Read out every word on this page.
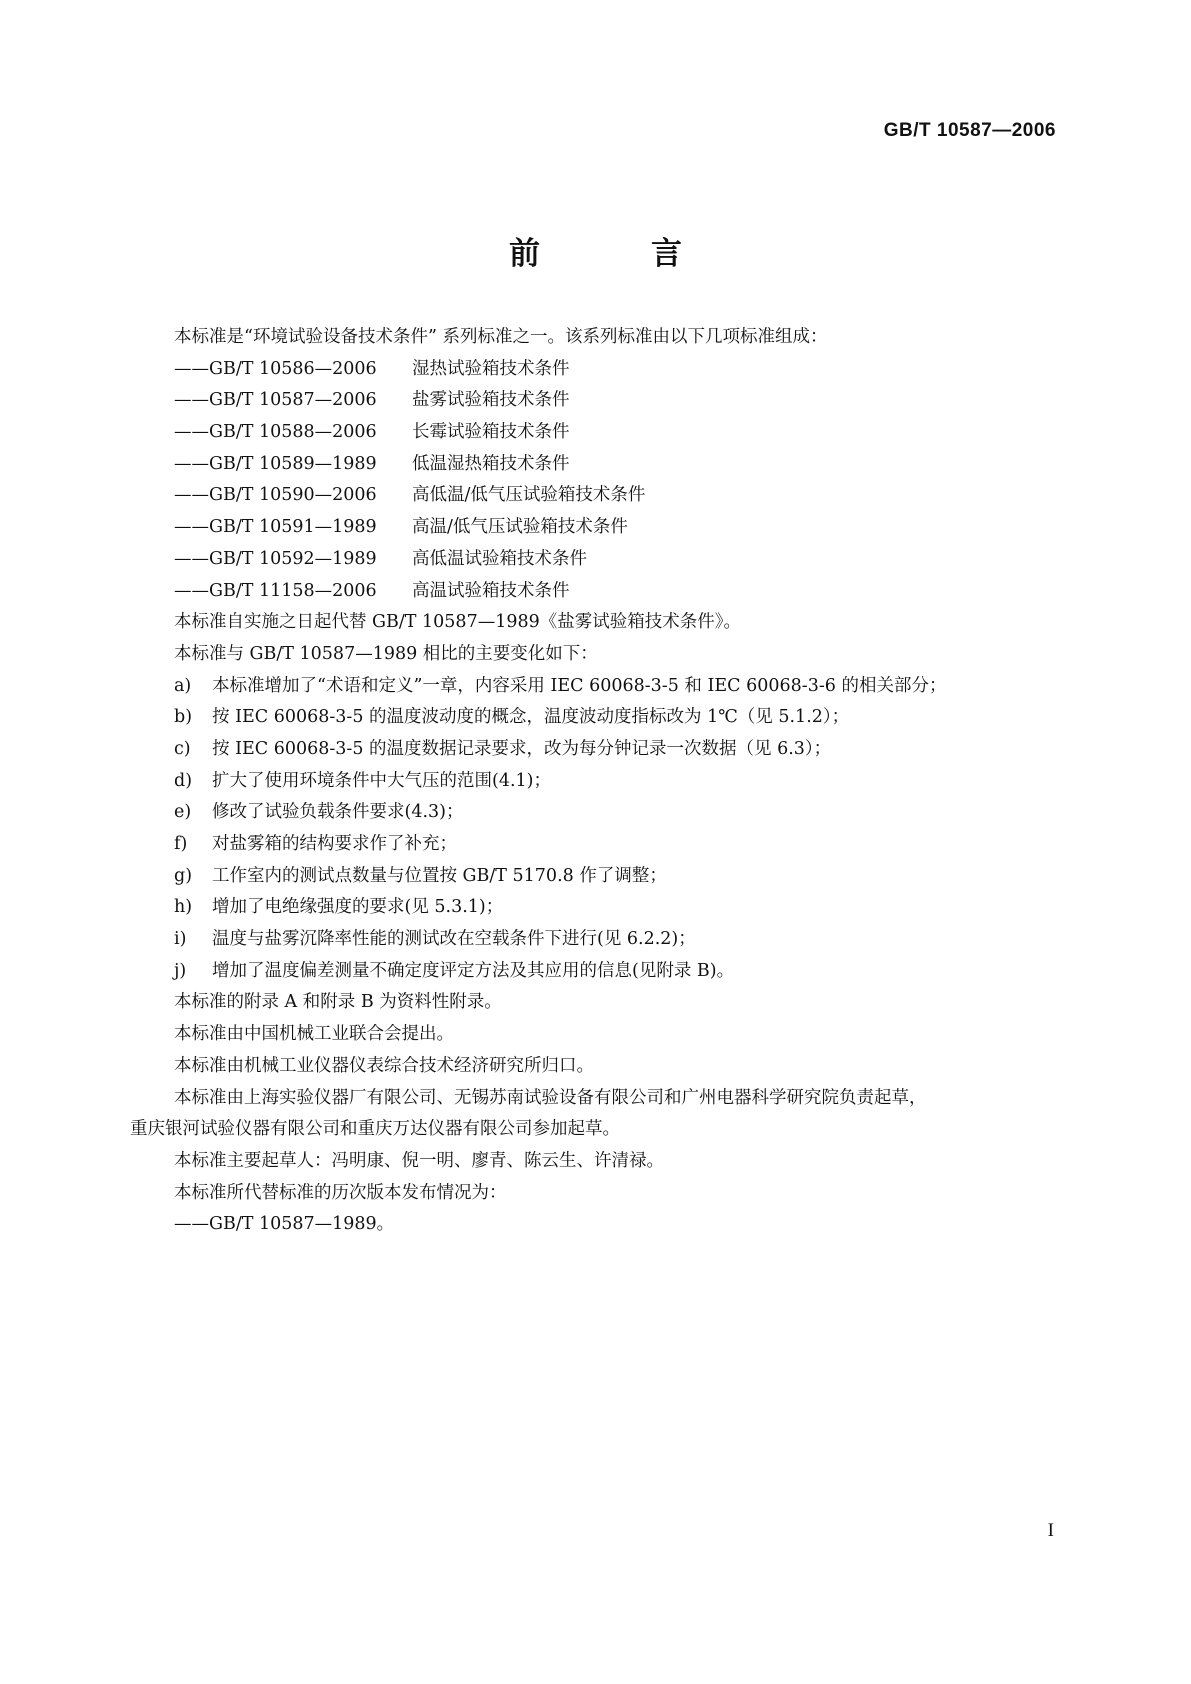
GB/T 10587—2006
前　言
本标准是“环境试验设备技术条件” 系列标准之一。该系列标准由以下几项标准组成：
——GB/T 10586—2006 湿热试验箱技术条件
——GB/T 10587—2006 盐雾试验箱技术条件
——GB/T 10588—2006 长霉试验箱技术条件
——GB/T 10589—1989 低温湿热箱技术条件
——GB/T 10590—2006 高低温/低气压试验箱技术条件
——GB/T 10591—1989 高温/低气压试验箱技术条件
——GB/T 10592—1989 高低温试验箱技术条件
——GB/T 11158—2006 高温试验箱技术条件
本标准自实施之日起代替 GB/T 10587—1989《盐雾试验箱技术条件》。
本标准与 GB/T 10587—1989 相比的主要变化如下：
a) 本标准增加了“术语和定义”一章，内容采用 IEC 60068-3-5 和 IEC 60068-3-6 的相关部分；
b) 按 IEC 60068-3-5 的温度波动度的概念，温度波动度指标改为 1℃（见 5.1.2）；
c) 按 IEC 60068-3-5 的温度数据记录要求，改为每分钟记录一次数据（见 6.3）；
d) 扩大了使用环境条件中大气压的范围(4.1)；
e) 修改了试验负载条件要求(4.3)；
f) 对盐雾箱的结构要求作了补充；
g) 工作室内的测试点数量与位置按 GB/T 5170.8 作了调整；
h) 增加了电绝缘强度的要求(见 5.3.1)；
i) 温度与盐雾沉降率性能的测试改在空载条件下进行(见 6.2.2)；
j) 增加了温度偏差测量不确定度评定方法及其应用的信息(见附录 B)。
本标准的附录 A 和附录 B 为资料性附录。
本标准由中国机械工业联合会提出。
本标准由机械工业仪器仪表综合技术经济研究所归口。
本标准由上海实验仪器厂有限公司、无锡苏南试验设备有限公司和广州电器科学研究院负责起草，
重庆银河试验仪器有限公司和重庆万达仪器有限公司参加起草。
本标准主要起草人：冯明康、倪一明、廖青、陈云生、许清禄。
本标准所代替标准的历次版本发布情况为：
——GB/T 10587—1989。
I
